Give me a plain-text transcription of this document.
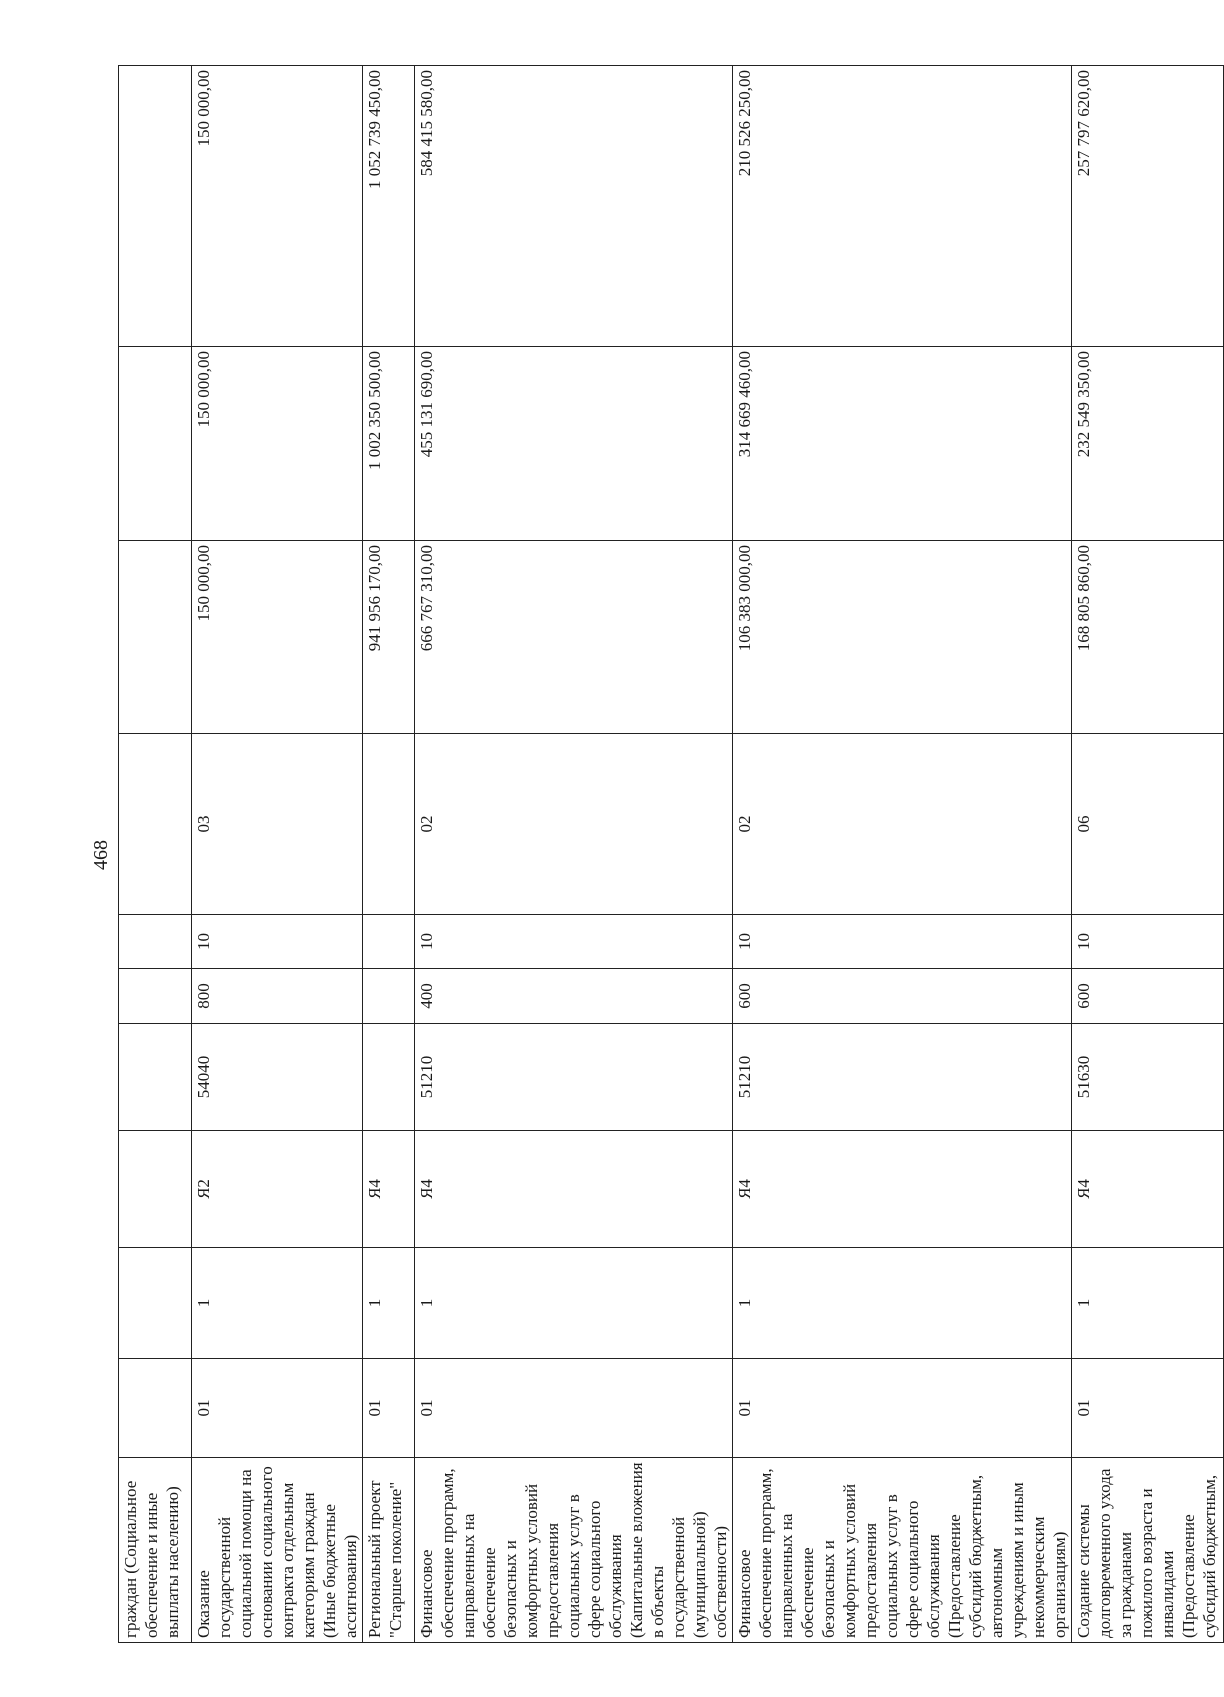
468
граждан (Социальное обеспечение и иные выплаты населению)										
Оказание государственной социальной помощи на основании социального контракта отдельным категориям граждан (Иные бюджетные ассигнования)	01	1	Я2	54040	800	10	03	150 000,00	150 000,00	150 000,00
Региональный проект "Старшее поколение"	01	1	Я4					941 956 170,00	1 002 350 500,00	1 052 739 450,00
Финансовое обеспечение программ, направленных на обеспечение безопасных и комфортных условий предоставления социальных услуг в сфере социального обслуживания (Капитальные вложения в объекты государственной (муниципальной) собственности)	01	1	Я4	51210	400	10	02	666 767 310,00	455 131 690,00	584 415 580,00
Финансовое обеспечение программ, направленных на обеспечение безопасных и комфортных условий предоставления социальных услуг в сфере социального обслуживания (Предоставление субсидий бюджетным, автономным учреждениям и иным некоммерческим организациям)	01	1	Я4	51210	600	10	02	106 383 000,00	314 669 460,00	210 526 250,00
Создание системы долговременного ухода за гражданами пожилого возраста и инвалидами (Предоставление субсидий бюджетным,	01	1	Я4	51630	600	10	06	168 805 860,00	232 549 350,00	257 797 620,00
